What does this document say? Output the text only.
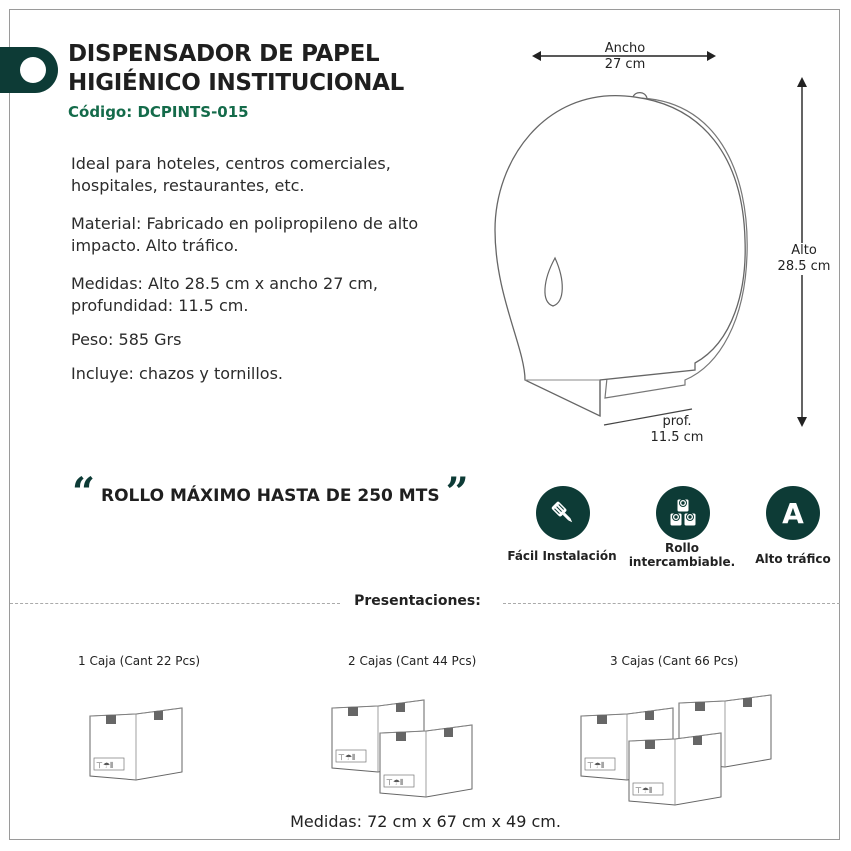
DISPENSADOR DE PAPEL
HIGIÉNICO INSTITUCIONAL
Código: DCPINTS-015

Ideal para hoteles, centros comerciales, hospitales, restaurantes, etc.

Material: Fabricado en polipropileno de alto impacto. Alto tráfico.

Medidas: Alto 28.5 cm x ancho 27 cm, profundidad: 11.5 cm.

Peso: 585 Grs

Incluye: chazos y tornillos.

Ancho
27 cm
Alto
28.5 cm
prof.
11.5 cm
“ ROLLO MÁXIMO HASTA DE 250 MTS ”
Fácil Instalación
Rollo
intercambiable.
A
Alto tráfico
Presentaciones:
1 Caja (Cant 22 Pcs)	2 Cajas (Cant 44 Pcs)	3 Cajas (Cant 66 Pcs)
Medidas: 72 cm x 67 cm x 49 cm.
